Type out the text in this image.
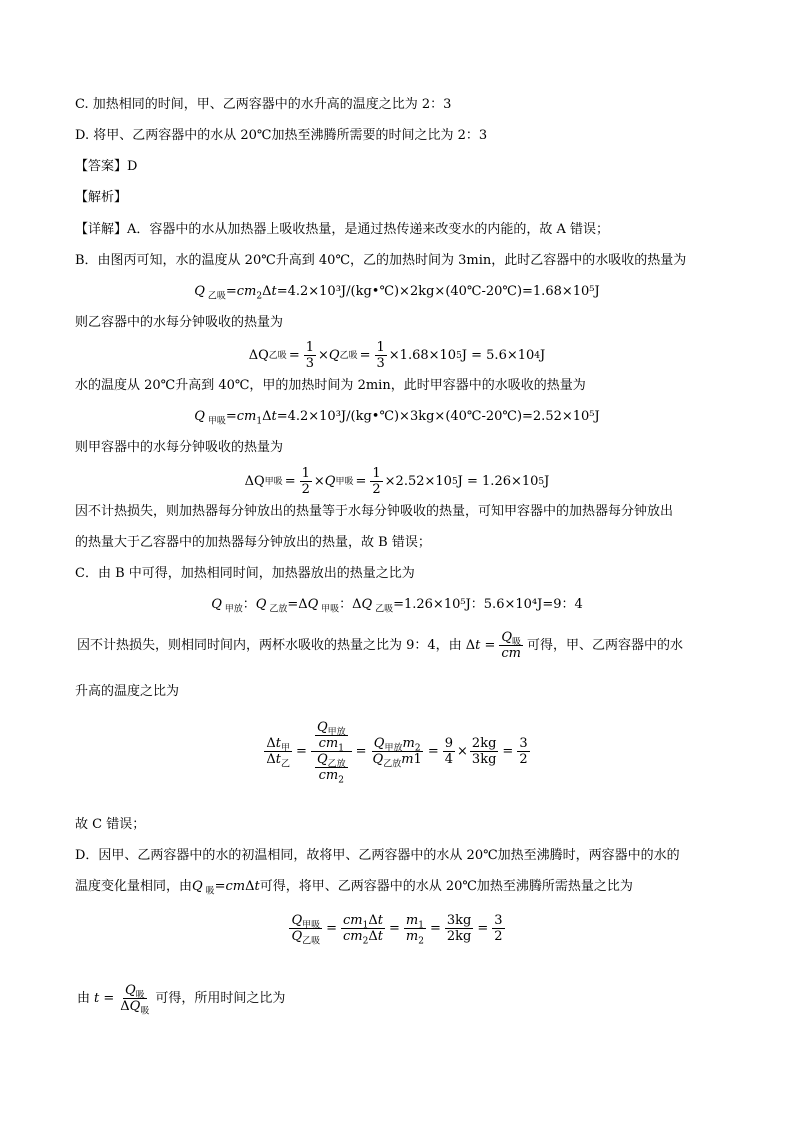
C. 加热相同的时间，甲、乙两容器中的水升高的温度之比为 2：3
D. 将甲、乙两容器中的水从 20℃加热至沸腾所需要的时间之比为 2：3
【答案】D
【解析】
【详解】A．容器中的水从加热器上吸收热量，是通过热传递来改变水的内能的，故 A 错误；
B．由图丙可知，水的温度从 20℃升高到 40℃，乙的加热时间为 3min，此时乙容器中的水吸收的热量为
Q $_{乙吸}=cm_2\Delta t=4.2\times 10^3J/(kg•℃)\times 2kg\times(40℃-20℃)=1.68\times 10^5J$
则乙容器中的水每分钟吸收的热量为
ΔQ 乙吸 = $\frac{1}{3} \times Q$ 乙吸 = $\frac{1}{3} \times 1.68\times 10$ 5 J = 5.6×10 4 J
水的温度从 20℃升高到 40℃，甲的加热时间为 2min，此时甲容器中的水吸收的热量为
Q $_{甲吸}=cm_1\Delta t=4.2\times 10^3J/(kg•℃)\times 3kg\times(40℃-20℃)=2.52\times 10^5J$
则甲容器中的水每分钟吸收的热量为
ΔQ 甲吸 = $\frac{1}{2} \times Q$ 甲吸 = $\frac{1}{2} \times 2.52\times 10$ 5 J = 1.26×10 5 J
因不计热损失，则加热器每分钟放出的热量等于水每分钟吸收的热量，可知甲容器中的加热器每分钟放出
的热量大于乙容器中的加热器每分钟放出的热量，故 B 错误；
C．由 B 中可得，加热相同时间，加热器放出的热量之比为
Q $_{甲放}$：Q $_{乙放}$=ΔQ $_{甲吸}$：ΔQ $_{乙吸}$=1.26×10⁵J：5.6×10⁴J=9：4
因不计热损失，则相同时间内，两杯水吸收的热量之比为 9：4，由 $\Delta t = Q_吸$
cm
可得，甲、乙两容器中的水
升高的温度之比为
$\Delta t_甲$
$\Delta t_乙$
=
$Q_{甲放}$
$cm_1$
$Q_{乙放}$
$cm_2$
= $Q_{甲放}m_2$
$Q_{乙放}m1$
= $\frac{9}{4} \times \frac{2kg}{3kg} = \frac{3}{2}$
故 C 错误；
D．因甲、乙两容器中的水的初温相同，故将甲、乙两容器中的水从 20℃加热至沸腾时，两容器中的水的
温度变化量相同，由Q $_吸$=cmΔt可得，将甲、乙两容器中的水从 20℃加热至沸腾所需热量之比为
$Q_{甲吸}$
$Q_{乙吸}$
= $\frac{cm_1\Delta t}{cm_2\Delta t} = \frac{m_1}{m_2} = \frac{3kg}{2kg} = \frac{3}{2}$
由 $t = Q_吸$
$\Delta Q_吸$
可得，所用时间之比为
